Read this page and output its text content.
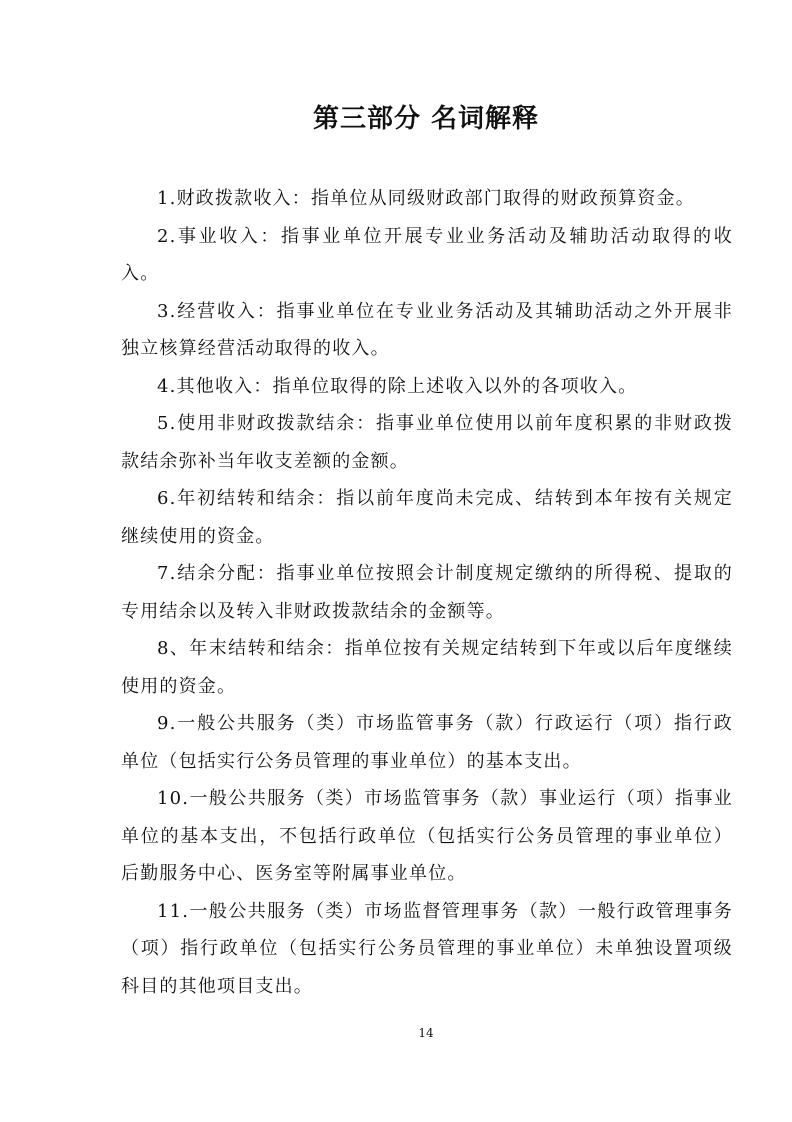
第三部分 名词解释

1.财政拨款收入：指单位从同级财政部门取得的财政预算资金。

2.事业收入：指事业单位开展专业业务活动及辅助活动取得的收入。

3.经营收入：指事业单位在专业业务活动及其辅助活动之外开展非独立核算经营活动取得的收入。

4.其他收入：指单位取得的除上述收入以外的各项收入。

5.使用非财政拨款结余：指事业单位使用以前年度积累的非财政拨款结余弥补当年收支差额的金额。

6.年初结转和结余：指以前年度尚未完成、结转到本年按有关规定继续使用的资金。

7.结余分配：指事业单位按照会计制度规定缴纳的所得税、提取的专用结余以及转入非财政拨款结余的金额等。

8、年末结转和结余：指单位按有关规定结转到下年或以后年度继续使用的资金。

9.一般公共服务（类）市场监管事务（款）行政运行（项）指行政单位（包括实行公务员管理的事业单位）的基本支出。

10.一般公共服务（类）市场监管事务（款）事业运行（项）指事业单位的基本支出，不包括行政单位（包括实行公务员管理的事业单位）后勤服务中心、医务室等附属事业单位。

11.一般公共服务（类）市场监督管理事务（款）一般行政管理事务（项）指行政单位（包括实行公务员管理的事业单位）未单独设置项级科目的其他项目支出。

14
